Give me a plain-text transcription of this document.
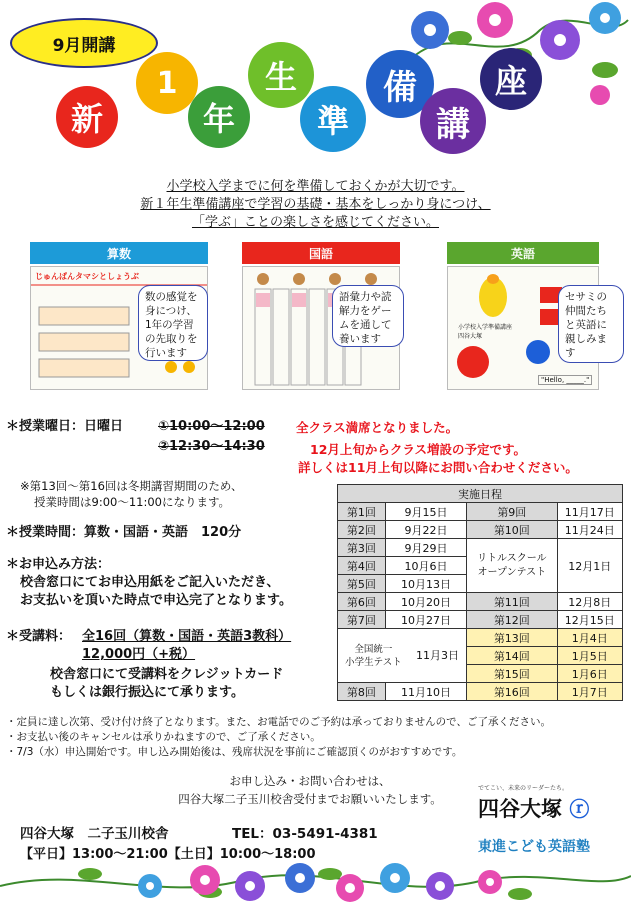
9月開講
新
1
年
生
準
備
講
座
小学校入学までに何を準備しておくかが大切です。
新１年生準備講座で学習の基礎・基本をしっかり身につけ、
「学ぶ」ことの楽しさを感じてください。
算数	国語	英語
じゅんばんタマシとしょうぶ
数の感覚を
身につけ、
1年の学習
の先取りを
行います
語彙力や読
解力をゲー
ムを通して
養います
小学校入学準備講座
四谷大塚
"Hello, _____."
セサミの
仲間たち
と英語に
親しみま
す
＊授業曜日：日曜日	①10:00～12:00
②12:30～14:30
全クラス満席となりました。
12月上旬からクラス増設の予定です。
詳しくは11月上旬以降にお問い合わせください。
※第13回～第16回は冬期講習期間のため、
授業時間は9:00～11:00になります。
＊授業時間：算数・国語・英語　120分
＊お申込み方法：
校舎窓口にてお申込用紙をご記入いただき、
お支払いを頂いた時点で申込完了となります。
＊受講料： 全16回（算数・国語・英語3教科）
12,000円（+税）
校舎窓口にて受講料をクレジットカード
もしくは銀行振込にて承ります。
実施日程			
第1回	9月15日	第9回	11月17日
第2回	9月22日	第10回	11月24日
第3回	9月29日	リトルスクール
オープンテスト	12月1日
第4回	10月6日		
第5回	10月13日		
第6回	10月20日	第11回	12月8日
第7回	10月27日	第12回	12月15日

全国統一
小学生テスト 11月3日		第13回	1月4日
		第14回	1月5日
		第15回	1月6日
第8回	11月10日	第16回	1月7日
・定員に達し次第、受け付け終了となります。また、お電話でのご予約は承っておりませんので、ご了承ください。
・お支払い後のキャンセルは承りかねますので、ご了承ください。
・7/3（水）申込開始です。申し込み開始後は、残席状況を事前にご確認頂くのがおすすめです。
お申し込み・お問い合わせは、
四谷大塚二子玉川校舎受付までお願いいたします。
四谷大塚　二子玉川校舎	TEL：03-5491-4381
【平日】13:00～21:00【土日】10:00～18:00
でてこい、未来のリーダーたち。
四谷大塚 ⓡ
東進こども英語塾
